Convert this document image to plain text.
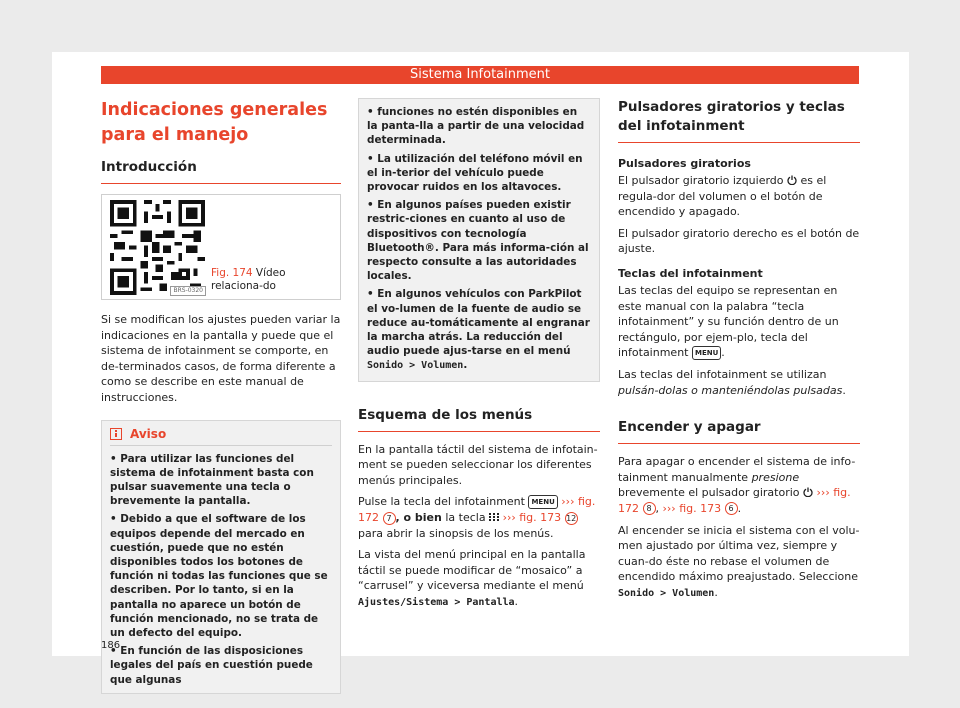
Sistema Infotainment
Indicaciones generales para el manejo
Introducción
BRS-0320
Fig. 174 Vídeo relaciona-do

Si se modifican los ajustes pueden variar la indicaciones en la pantalla y puede que el sistema de infotainment se comporte, en de-terminados casos, de forma diferente a como se describe en este manual de instrucciones.

Aviso

• Para utilizar las funciones del sistema de infotainment basta con pulsar suavemente una tecla o brevemente la pantalla.

• Debido a que el software de los equipos depende del mercado en cuestión, puede que no estén disponibles todos los botones de función ni todas las funciones que se describen. Por lo tanto, si en la pantalla no aparece un botón de función mencionado, no se trata de un defecto del equipo.

• En función de las disposiciones legales del país en cuestión puede que algunas

• funciones no estén disponibles en la panta-lla a partir de una velocidad determinada.

• La utilización del teléfono móvil en el in-terior del vehículo puede provocar ruidos en los altavoces.

• En algunos países pueden existir restric-ciones en cuanto al uso de dispositivos con tecnología Bluetooth®. Para más informa-ción al respecto consulte a las autoridades locales.

• En algunos vehículos con ParkPilot el vo-lumen de la fuente de audio se reduce au-tomáticamente al engranar la marcha atrás. La reducción del audio puede ajus-tarse en el menú Sonido > Volumen.

Esquema de los menús

En la pantalla táctil del sistema de infotain-ment se pueden seleccionar los diferentes menús principales.

Pulse la tecla del infotainment MENU ››› fig. 172 7 , o bien la tecla ››› fig. 173 12 para abrir la sinopsis de los menús.

La vista del menú principal en la pantalla táctil se puede modificar de “mosaico” a “carrusel” y viceversa mediante el menú Ajustes/Sistema > Pantalla.

Pulsadores giratorios y teclas del infotainment

Pulsadores giratorios

El pulsador giratorio izquierdo es el regula-dor del volumen o el botón de encendido y apagado.

El pulsador giratorio derecho es el botón de ajuste.

Teclas del infotainment

Las teclas del equipo se representan en este manual con la palabra “tecla infotainment” y su función dentro de un rectángulo, por ejem-plo, tecla del infotainment MENU .

Las teclas del infotainment se utilizan pulsán-dolas o manteniéndolas pulsadas.

Encender y apagar

Para apagar o encender el sistema de info-tainment manualmente presione brevemente el pulsador giratorio ››› fig. 172 8 , ››› fig. 173 6 .

Al encender se inicia el sistema con el volu-men ajustado por última vez, siempre y cuan-do éste no rebase el volumen de encendido máximo preajustado. Seleccione Sonido > Volumen.

186
